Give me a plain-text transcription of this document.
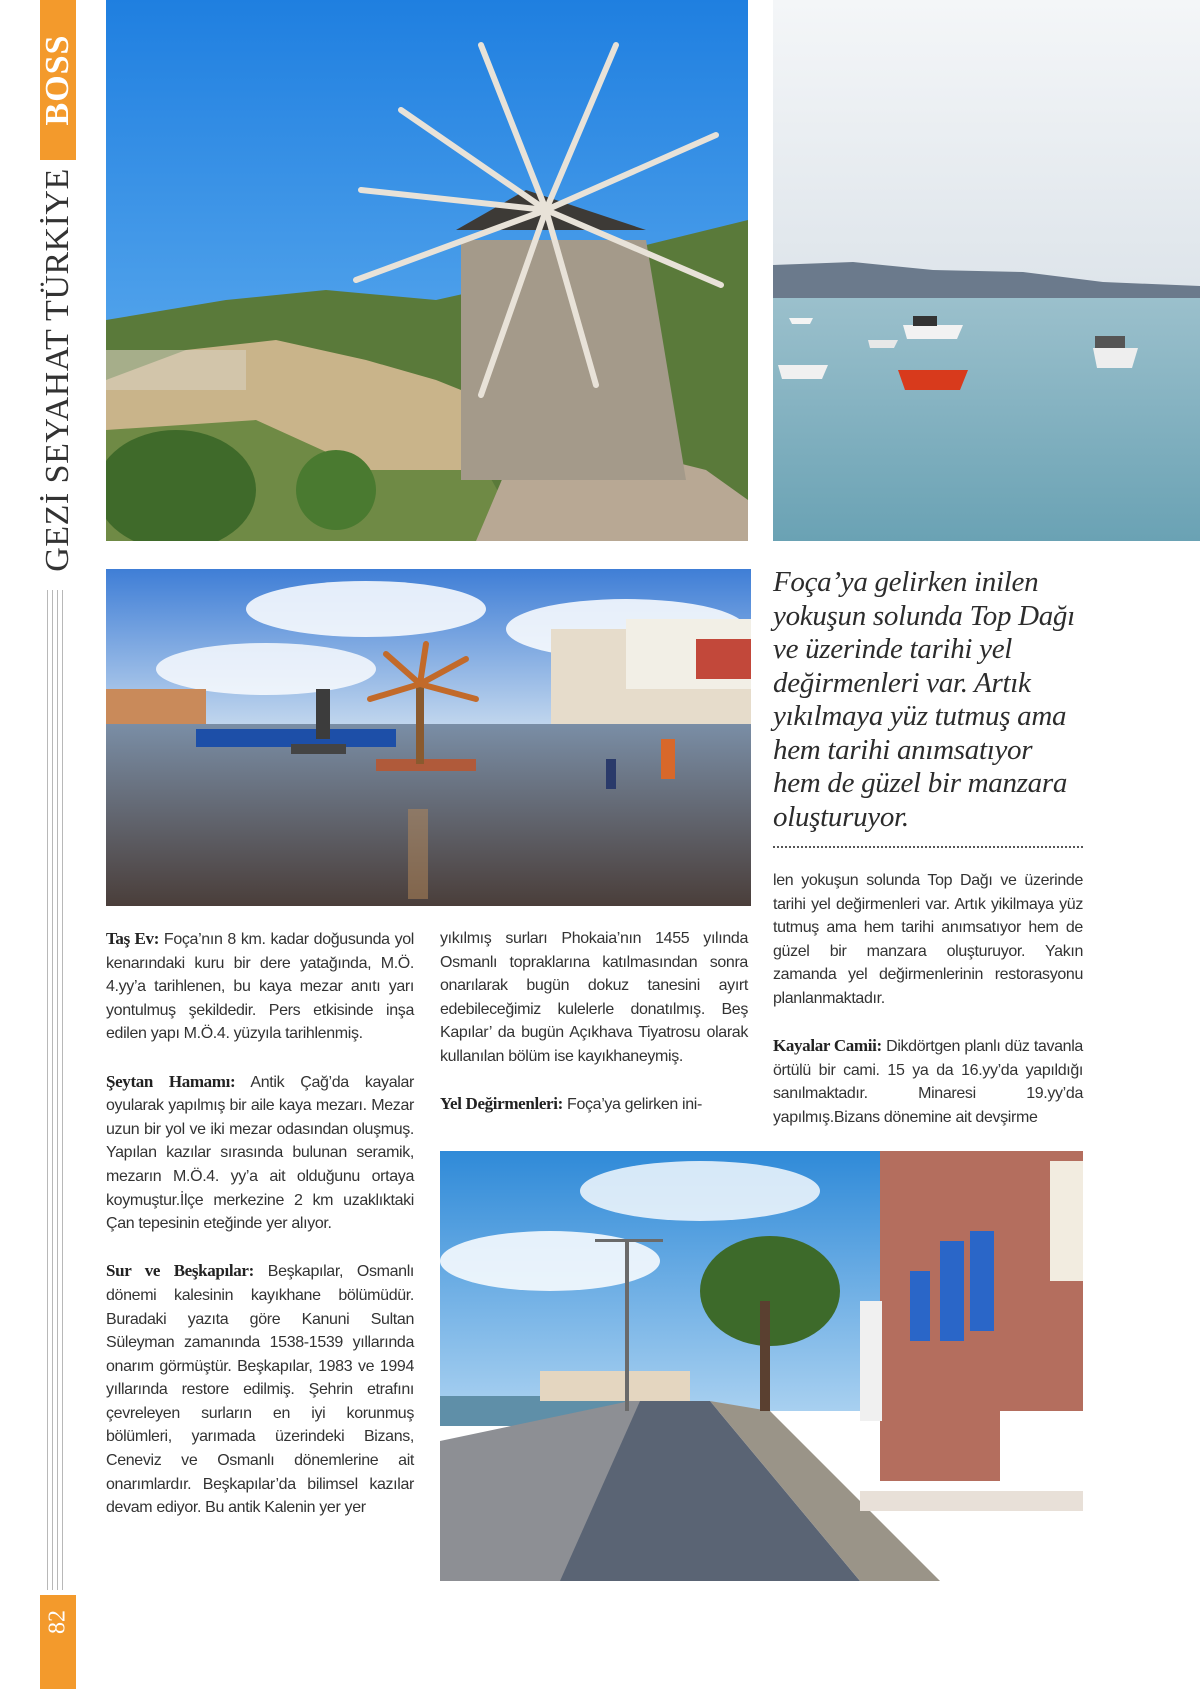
BOSS
GEZİ SEYAHAT TÜRKİYE
82
Foça’ya gelirken inilen yokuşun solunda Top Dağı ve üzerinde tarihi yel değirmenleri var. Artık yıkılmaya yüz tutmuş ama hem tarihi anımsatıyor hem de güzel bir manzara oluşturuyor.

Taş Ev: Foça’nın 8 km. kadar doğusunda yol kenarındaki kuru bir dere yatağında, M.Ö. 4.yy’a tarihlenen, bu kaya mezar anıtı yarı yontulmuş şekildedir. Pers etkisinde inşa edilen yapı M.Ö.4. yüzyıla tarihlenmiş.

Şeytan Hamamı: Antik Çağ’da kayalar oyularak yapılmış bir aile kaya mezarı. Mezar uzun bir yol ve iki mezar odasından oluşmuş. Yapılan kazılar sırasında bulunan seramik, mezarın M.Ö.4. yy’a ait olduğunu ortaya koymuştur.İlçe merkezine 2 km uzaklıktaki Çan tepesinin eteğinde yer alıyor.

Sur ve Beşkapılar: Beşkapılar, Osmanlı dönemi kalesinin kayıkhane bölümüdür. Buradaki yazıta göre Kanuni Sultan Süleyman zamanında 1538-1539 yıllarında onarım görmüştür. Beşkapılar, 1983 ve 1994 yıllarında restore edilmiş. Şehrin etrafını çevreleyen surların en iyi korunmuş bölümleri, yarımada üzerindeki Bizans, Ceneviz ve Osmanlı dönemlerine ait onarımlardır. Beşkapılar’da bilimsel kazılar devam ediyor. Bu antik Kalenin yer yer

yıkılmış surları Phokaia’nın 1455 yılında Osmanlı topraklarına katılmasından sonra onarılarak bugün dokuz tanesini ayırt edebileceğimiz kulelerle donatılmış. Beş Kapılar’ da bugün Açıkhava Tiyatrosu olarak kullanılan bölüm ise kayıkhaneymiş.

Yel Değirmenleri: Foça’ya gelirken ini-

len yokuşun solunda Top Dağı ve üzerinde tarihi yel değirmenleri var. Artık yikilmaya yüz tutmuş ama hem tarihi anımsatıyor hem de güzel bir manzara oluşturuyor. Yakın zamanda yel değirmenlerinin restorasyonu planlanmaktadır.

Kayalar Camii: Dikdörtgen planlı düz tavanla örtülü bir cami. 15 ya da 16.yy’da yapıldığı sanılmaktadır. Minaresi 19.yy’da yapılmış.Bizans dönemine ait devşirme
